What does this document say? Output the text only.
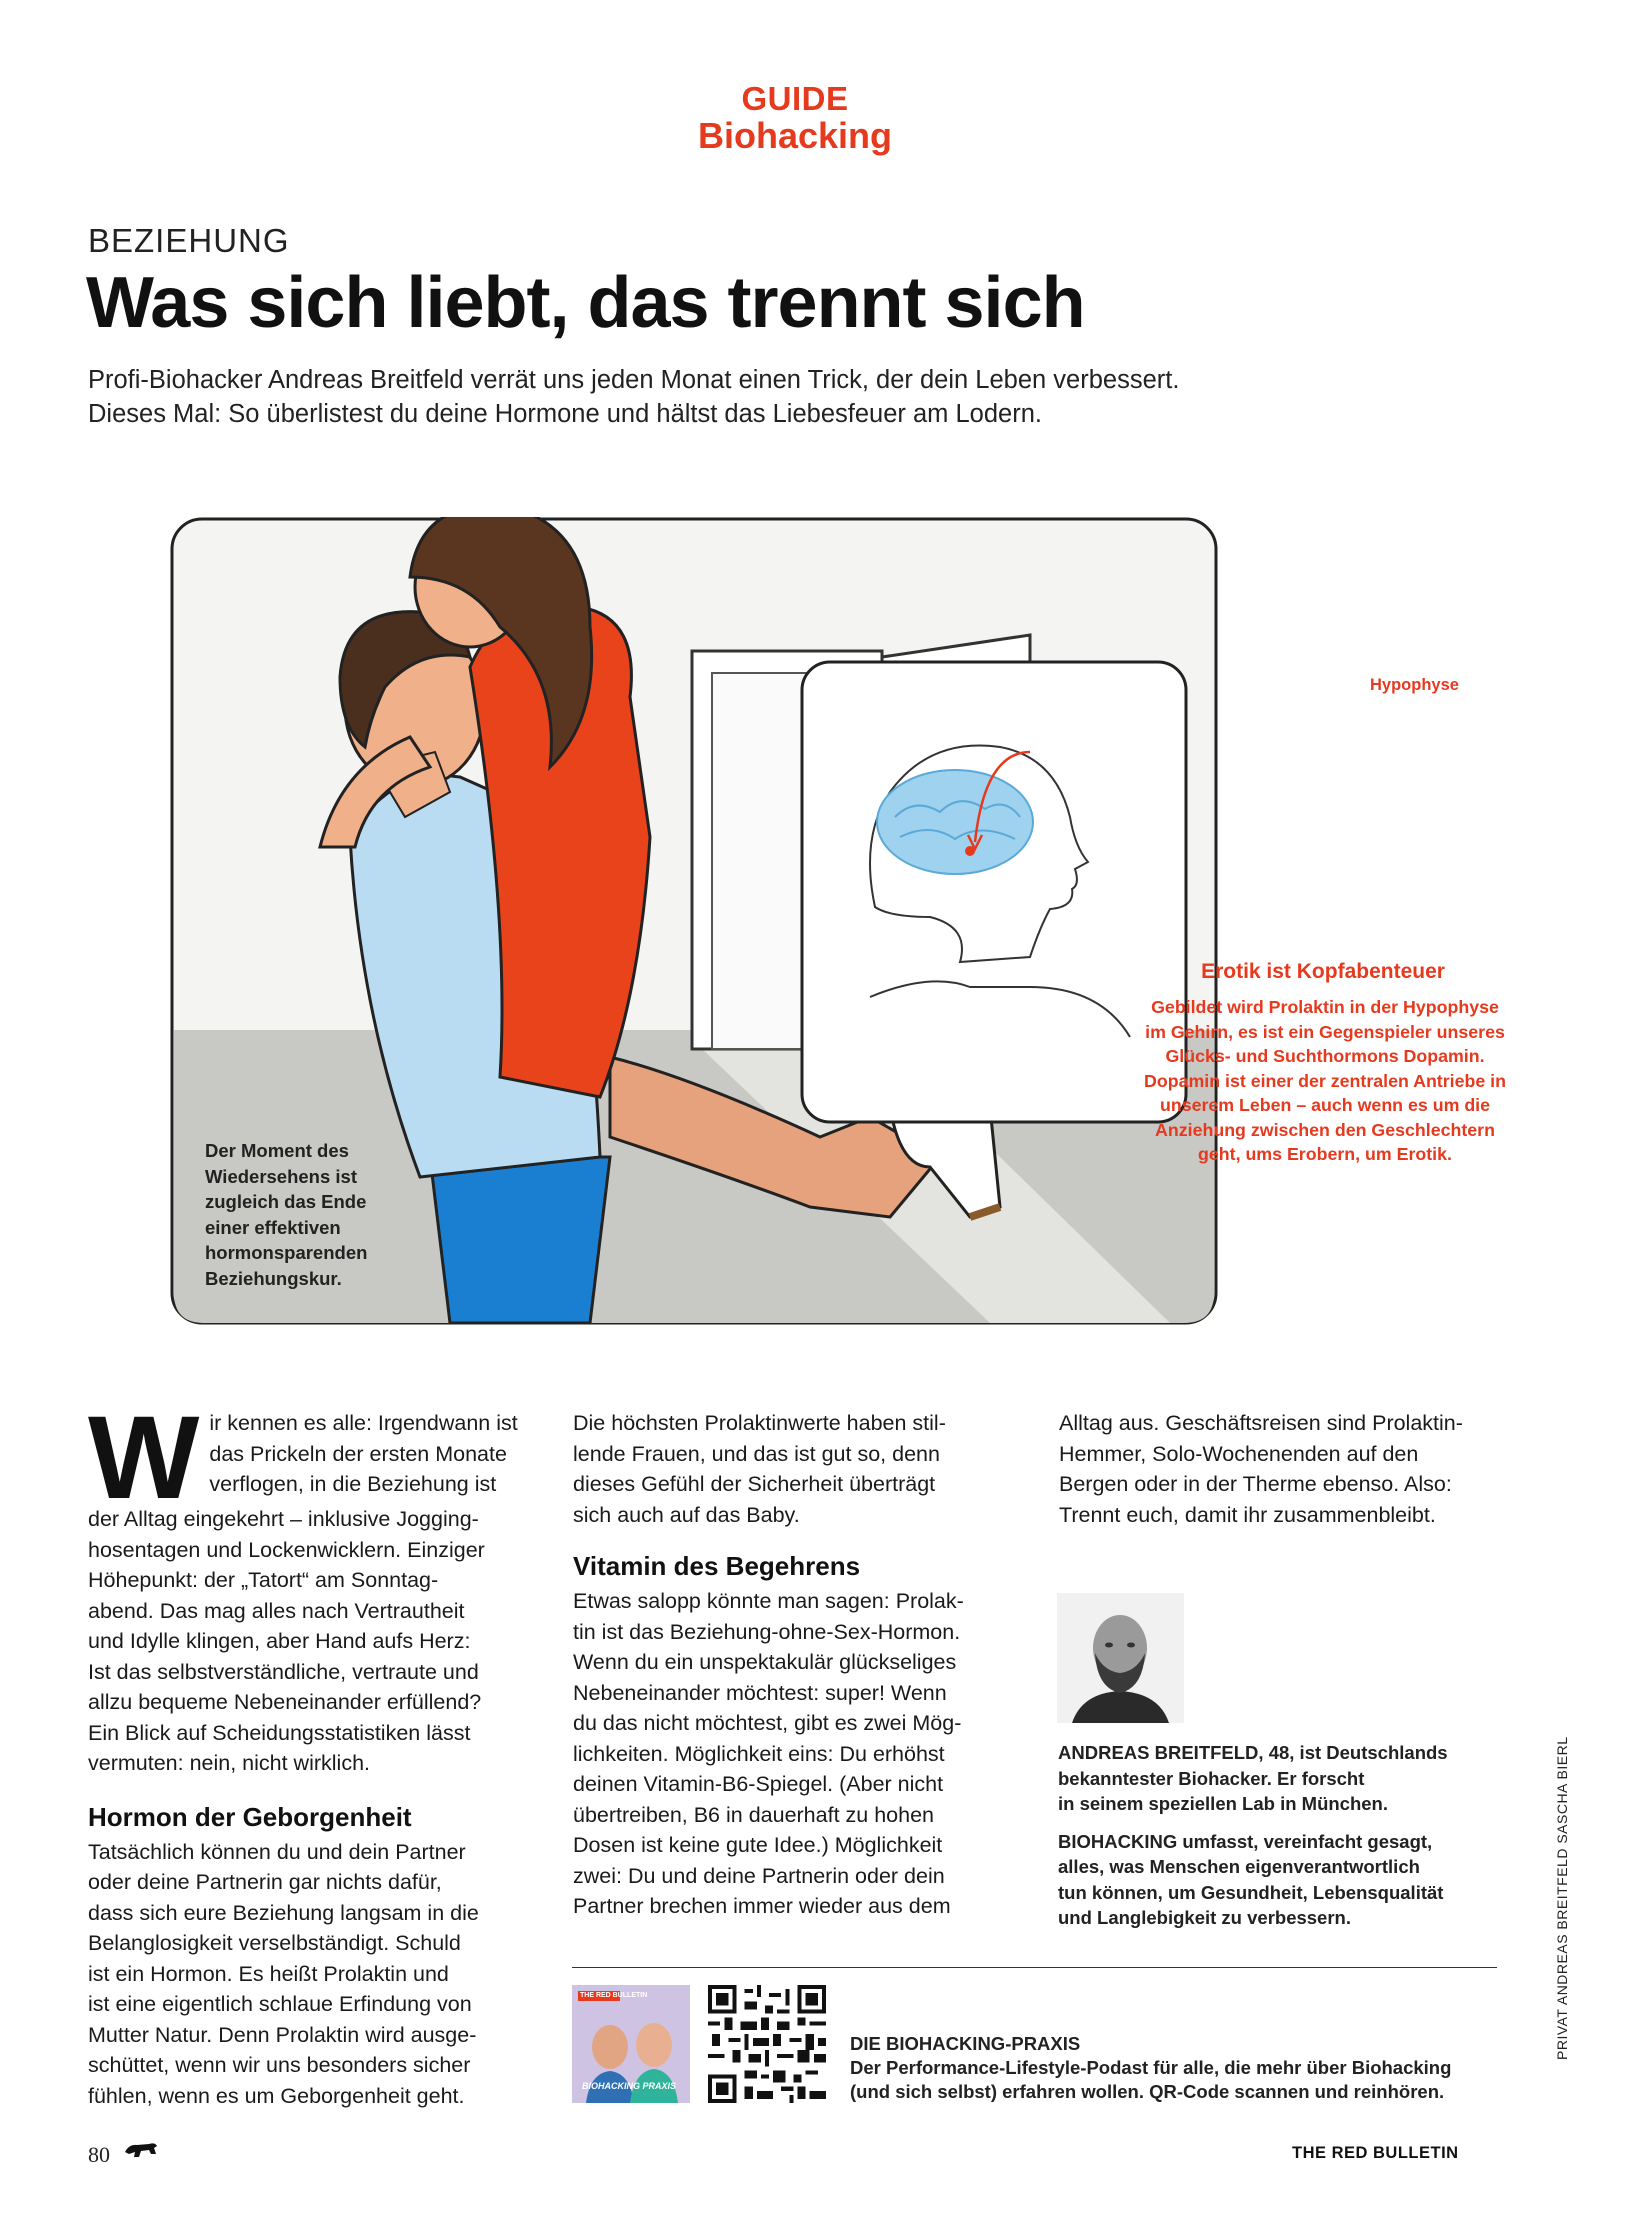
GUIDE
Biohacking
BEZIEHUNG
Was sich liebt, das trennt sich
Profi-Biohacker Andreas Breitfeld verrät uns jeden Monat einen Trick, der dein Leben verbessert.
Dieses Mal: So überlistest du deine Hormone und hältst das Liebesfeuer am Lodern.
Hypophyse
Der Moment des Wiedersehens ist zugleich das Ende einer effektiven hormonsparenden Beziehungskur.
Erotik ist Kopfabenteuer
Gebildet wird Prolaktin in der Hypophyse im Gehirn, es ist ein Gegenspieler unseres Glücks- und Suchthormons Dopamin. Dopamin ist einer der zentralen Antriebe in unserem Leben – auch wenn es um die Anziehung zwischen den Geschlechtern geht, ums Erobern, um Erotik.
W ir kennen es alle: Irgendwann ist
das Prickeln der ersten Monate
verflogen, in die Beziehung ist
der Alltag eingekehrt – inklusive Jogging-
hosentagen und Lockenwicklern. Einziger
Höhepunkt: der „Tatort“ am Sonntag-
abend. Das mag alles nach Vertrautheit
und Idylle klingen, aber Hand aufs Herz:
Ist das selbstverständliche, vertraute und
allzu bequeme Nebeneinander erfüllend?
Ein Blick auf Scheidungsstatistiken lässt
vermuten: nein, nicht wirklich.
Hormon der Geborgenheit
Tatsächlich können du und dein Partner
oder deine Partnerin gar nichts dafür,
dass sich eure Beziehung langsam in die
Belanglosigkeit verselbständigt. Schuld
ist ein Hormon. Es heißt Prolaktin und
ist eine eigentlich schlaue Erfindung von
Mutter Natur. Denn Prolaktin wird ausge-
schüttet, wenn wir uns besonders sicher
fühlen, wenn es um Geborgenheit geht.
Die höchsten Prolaktinwerte haben stil-
lende Frauen, und das ist gut so, denn
dieses Gefühl der Sicherheit überträgt
sich auch auf das Baby.
Vitamin des Begehrens
Etwas salopp könnte man sagen: Prolak-
tin ist das Beziehung-ohne-Sex-Hormon.
Wenn du ein unspektakulär glückseliges
Nebeneinander möchtest: super! Wenn
du das nicht möchtest, gibt es zwei Mög-
lichkeiten. Möglichkeit eins: Du erhöhst
deinen Vitamin-B6-Spiegel. (Aber nicht
übertreiben, B6 in dauerhaft zu hohen
Dosen ist keine gute Idee.) Möglichkeit
zwei: Du und deine Partnerin oder dein
Partner brechen immer wieder aus dem
Alltag aus. Geschäftsreisen sind Prolaktin-
Hemmer, Solo-Wochenenden auf den
Bergen oder in der Therme ebenso. Also:
Trennt euch, damit ihr zusammenbleibt.

ANDREAS BREITFELD, 48, ist Deutschlands
bekanntester Biohacker. Er forscht
in seinem speziellen Lab in München.

BIOHACKING umfasst, vereinfacht gesagt,
alles, was Menschen eigenverantwortlich
tun können, um Gesundheit, Lebensqualität
und Langlebigkeit zu verbessern.

THE RED BULLETIN
BIOHACKING PRAXIS
DIE BIOHACKING-PRAXIS
Der Performance-Lifestyle-Podast für alle, die mehr über Biohacking
(und sich selbst) erfahren wollen. QR-Code scannen und reinhören.
80	THE RED BULLETIN
PRIVAT ANDREAS BREITFELD SASCHA BIERL
